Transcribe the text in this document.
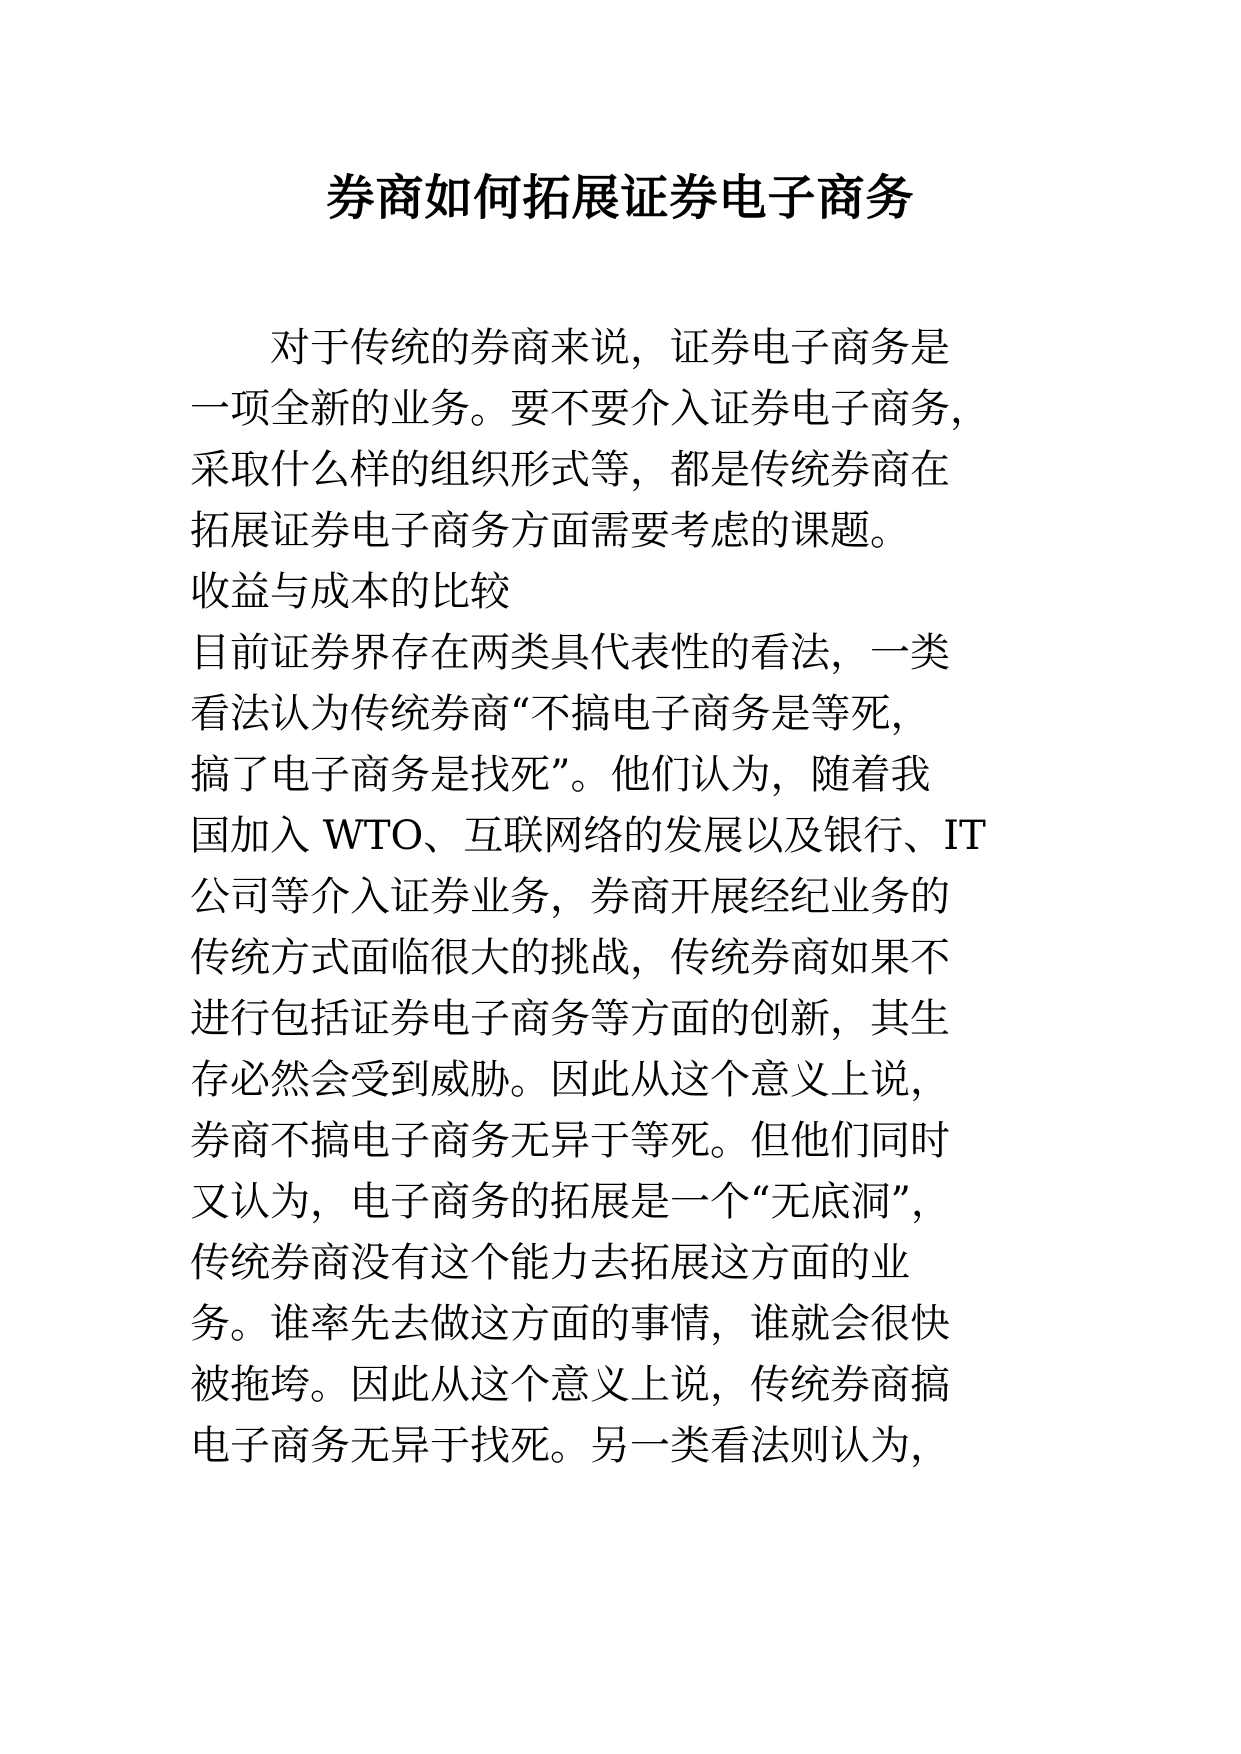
券商如何拓展证券电子商务

　　对于传统的券商来说，证券电子商务是

一项全新的业务。要不要介入证券电子商务，

采取什么样的组织形式等，都是传统券商在

拓展证券电子商务方面需要考虑的课题。

收益与成本的比较

目前证券界存在两类具代表性的看法，一类

看法认为传统券商“不搞电子商务是等死，

搞了电子商务是找死”。他们认为，随着我

国加入 WTO、互联网络的发展以及银行、IT

公司等介入证券业务，券商开展经纪业务的

传统方式面临很大的挑战，传统券商如果不

进行包括证券电子商务等方面的创新，其生

存必然会受到威胁。因此从这个意义上说，

券商不搞电子商务无异于等死。但他们同时

又认为，电子商务的拓展是一个“无底洞”，

传统券商没有这个能力去拓展这方面的业

务。谁率先去做这方面的事情，谁就会很快

被拖垮。因此从这个意义上说，传统券商搞

电子商务无异于找死。另一类看法则认为，
